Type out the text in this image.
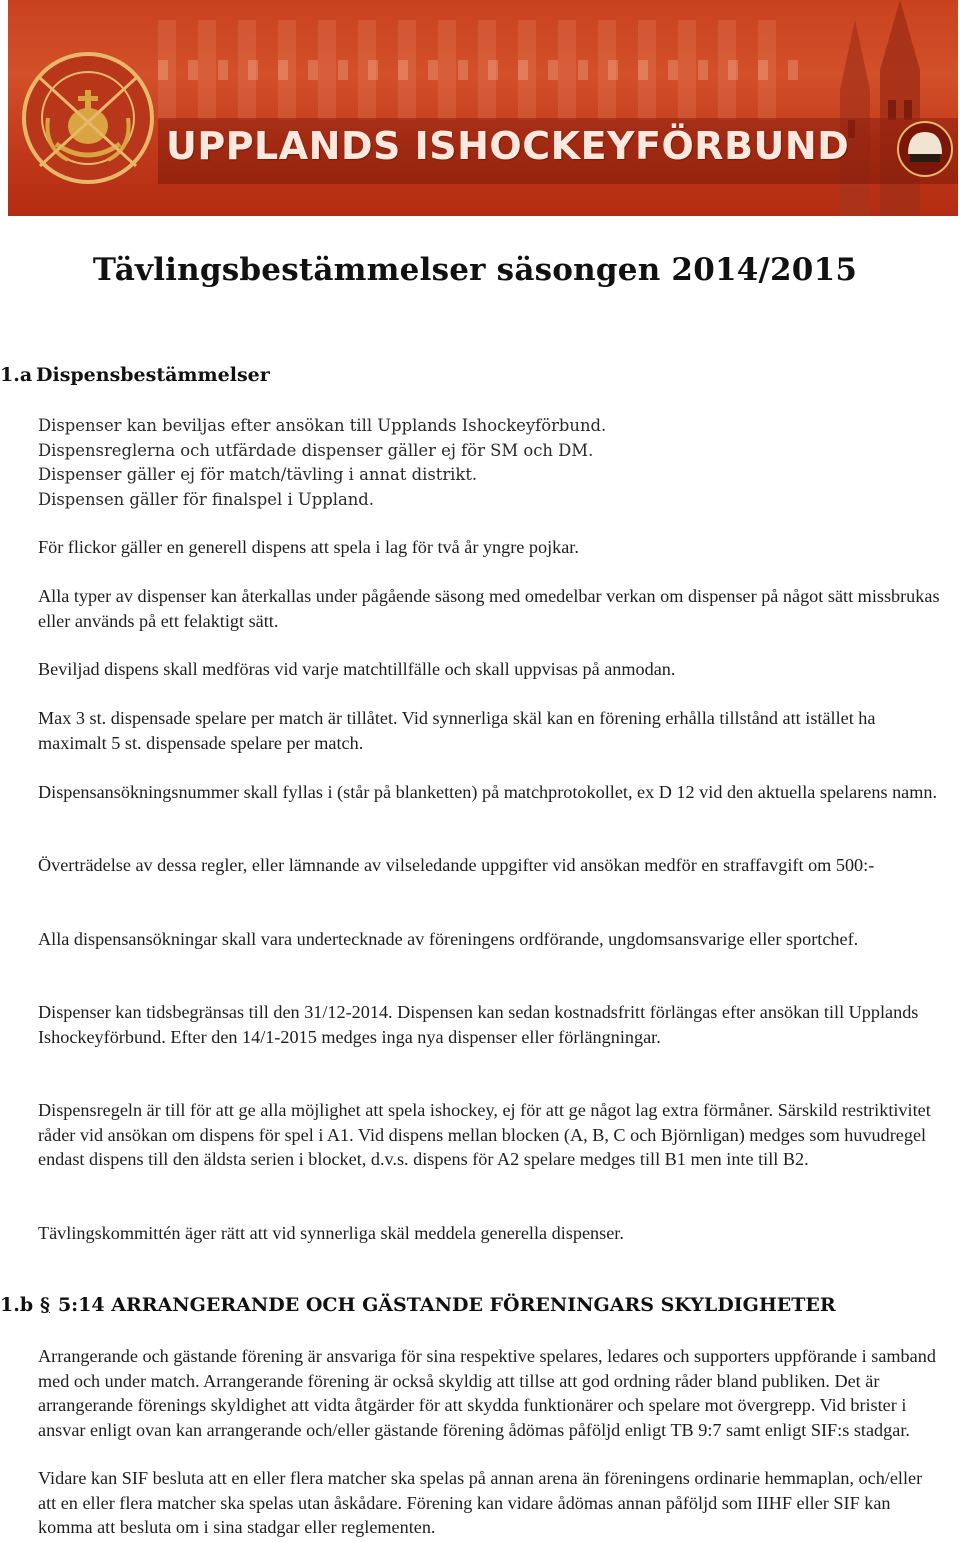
UPPLANDS ISHOCKEYFÖRBUND
Tävlingsbestämmelser säsongen 2014/2015
1.a Dispensbestämmelser
Dispenser kan beviljas efter ansökan till Upplands Ishockeyförbund.
Dispensreglerna och utfärdade dispenser gäller ej för SM och DM.
Dispenser gäller ej för match/tävling i annat distrikt.
Dispensen gäller för finalspel i Uppland.

För flickor gäller en generell dispens att spela i lag för två år yngre pojkar.

Alla typer av dispenser kan återkallas under pågående säsong med omedelbar verkan om dispenser på något sätt missbrukas eller används på ett felaktigt sätt.

Beviljad dispens skall medföras vid varje matchtillfälle och skall uppvisas på anmodan.

Max 3 st. dispensade spelare per match är tillåtet. Vid synnerliga skäl kan en förening erhålla tillstånd att istället ha maximalt 5 st. dispensade spelare per match.

Dispensansökningsnummer skall fyllas i (står på blanketten) på matchprotokollet, ex D 12 vid den aktuella spelarens namn.

Överträdelse av dessa regler, eller lämnande av vilseledande uppgifter vid ansökan medför en straffavgift om 500:-

Alla dispensansökningar skall vara undertecknade av föreningens ordförande, ungdomsansvarige eller sportchef.

Dispenser kan tidsbegränsas till den 31/12-2014. Dispensen kan sedan kostnadsfritt förlängas efter ansökan till Upplands Ishockeyförbund. Efter den 14/1-2015 medges inga nya dispenser eller förlängningar.

Dispensregeln är till för att ge alla möjlighet att spela ishockey, ej för att ge något lag extra förmåner. Särskild restriktivitet råder vid ansökan om dispens för spel i A1. Vid dispens mellan blocken (A, B, C och Björnligan) medges som huvudregel endast dispens till den äldsta serien i blocket, d.v.s. dispens för A2 spelare medges till B1 men inte till B2.

Tävlingskommittén äger rätt att vid synnerliga skäl meddela generella dispenser.

1.b § 5:14 ARRANGERANDE OCH GÄSTANDE FÖRENINGARS SKYLDIGHETER

Arrangerande och gästande förening är ansvariga för sina respektive spelares, ledares och supporters uppförande i samband med och under match. Arrangerande förening är också skyldig att tillse att god ordning råder bland publiken. Det är arrangerande förenings skyldighet att vidta åtgärder för att skydda funktionärer och spelare mot övergrepp. Vid brister i ansvar enligt ovan kan arrangerande och/eller gästande förening ådömas påföljd enligt TB 9:7 samt enligt SIF:s stadgar.

Vidare kan SIF besluta att en eller flera matcher ska spelas på annan arena än föreningens ordinarie hemmaplan, och/eller att en eller flera matcher ska spelas utan åskådare. Förening kan vidare ådömas annan påföljd som IIHF eller SIF kan komma att besluta om i sina stadgar eller reglementen.
